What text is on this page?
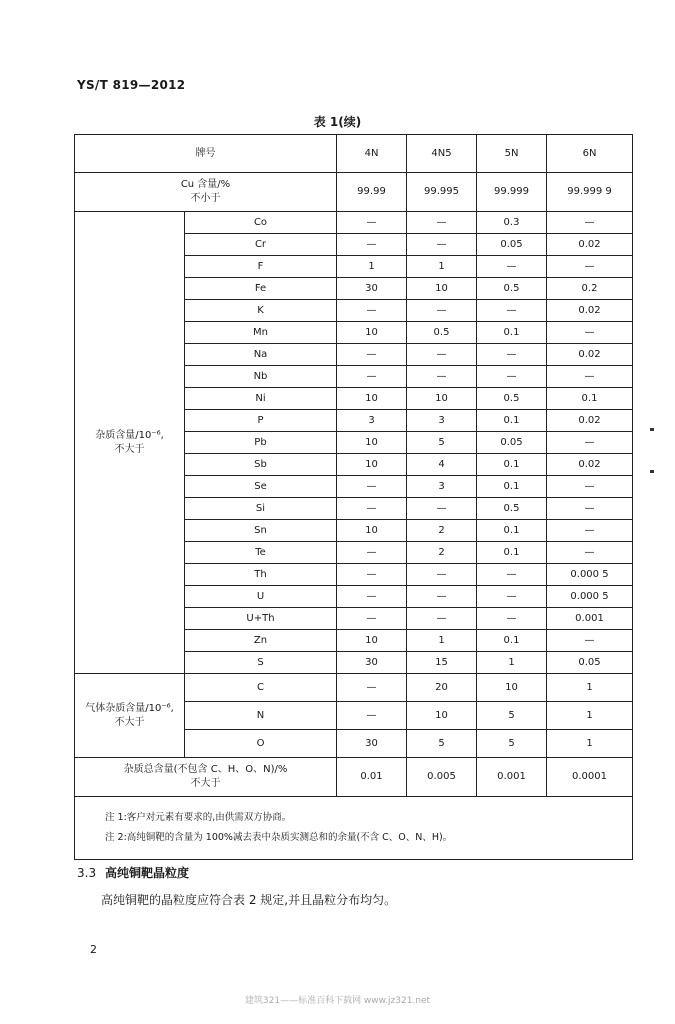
YS/T 819—2012
表 1(续)
牌号		4N	4N5	5N	6N

Cu 含量/%
不小于		99.99	99.995	99.999	99.999 9

杂质含量/10⁻⁶,
不大于	Co	—	—	0.3	—
	Cr	—	—	0.05	0.02
	F	1	1	—	—
	Fe	30	10	0.5	0.2
	K	—	—	—	0.02
	Mn	10	0.5	0.1	—
	Na	—	—	—	0.02
	Nb	—	—	—	—
	Ni	10	10	0.5	0.1
	P	3	3	0.1	0.02
	Pb	10	5	0.05	—
	Sb	10	4	0.1	0.02
	Se	—	3	0.1	—
	Si	—	—	0.5	—
	Sn	10	2	0.1	—
	Te	—	2	0.1	—
	Th	—	—	—	0.000 5
	U	—	—	—	0.000 5
	U+Th	—	—	—	0.001
	Zn	10	1	0.1	—
	S	30	15	1	0.05

气体杂质含量/10⁻⁶,
不大于	C	—	20	10	1
	N	—	10	5	1
	O	30	5	5	1

杂质总含量(不包含 C、H、O、N)/%
不大于		0.01	0.005	0.001	0.0001
注 1:客户对元素有要求的,由供需双方协商。					
注 2:高纯铜靶的含量为 100%减去表中杂质实测总和的余量(不含 C、O、N、H)。					
3.3 高纯铜靶晶粒度
高纯铜靶的晶粒度应符合表 2 规定,并且晶粒分布均匀。
2
建筑321——标准百科下载网 www.jz321.net
